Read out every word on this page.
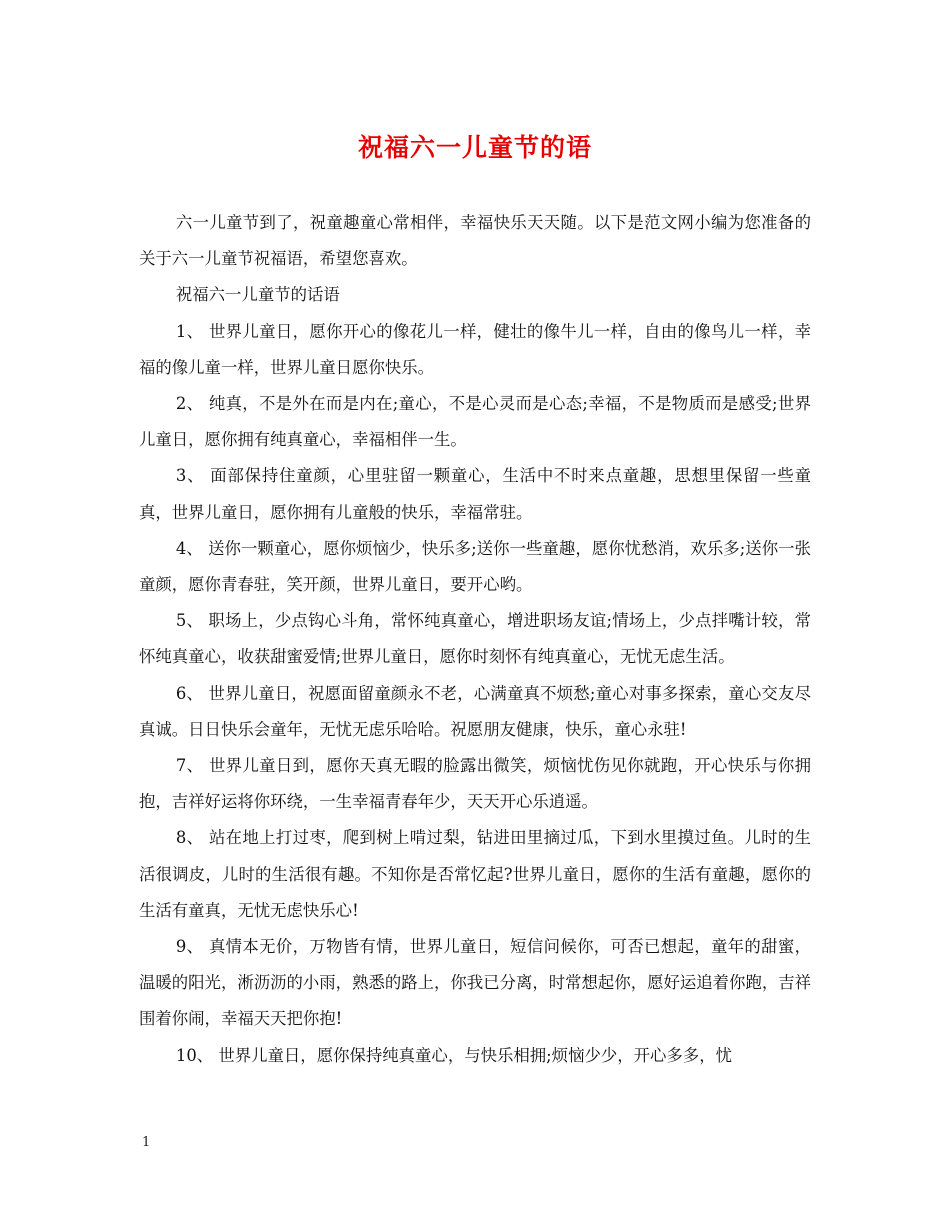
祝福六一儿童节的语

六一儿童节到了，祝童趣童心常相伴，幸福快乐天天随。以下是范文网小编为您准备的关于六一儿童节祝福语，希望您喜欢。

祝福六一儿童节的话语

1、 世界儿童日，愿你开心的像花儿一样，健壮的像牛儿一样，自由的像鸟儿一样，幸福的像儿童一样，世界儿童日愿你快乐。

2、 纯真，不是外在而是内在;童心，不是心灵而是心态;幸福，不是物质而是感受;世界儿童日，愿你拥有纯真童心，幸福相伴一生。

3、 面部保持住童颜，心里驻留一颗童心，生活中不时来点童趣，思想里保留一些童真，世界儿童日，愿你拥有儿童般的快乐，幸福常驻。

4、 送你一颗童心，愿你烦恼少，快乐多;送你一些童趣，愿你忧愁消，欢乐多;送你一张童颜，愿你青春驻，笑开颜，世界儿童日，要开心哟。

5、 职场上，少点钩心斗角，常怀纯真童心，增进职场友谊;情场上，少点拌嘴计较，常怀纯真童心，收获甜蜜爱情;世界儿童日，愿你时刻怀有纯真童心，无忧无虑生活。

6、 世界儿童日，祝愿面留童颜永不老，心满童真不烦愁;童心对事多探索，童心交友尽真诚。日日快乐会童年，无忧无虑乐哈哈。祝愿朋友健康，快乐，童心永驻!

7、 世界儿童日到，愿你天真无暇的脸露出微笑，烦恼忧伤见你就跑，开心快乐与你拥抱，吉祥好运将你环绕，一生幸福青春年少，天天开心乐逍遥。

8、 站在地上打过枣，爬到树上啃过梨，钻进田里摘过瓜，下到水里摸过鱼。儿时的生活很调皮，儿时的生活很有趣。不知你是否常忆起?世界儿童日，愿你的生活有童趣，愿你的生活有童真，无忧无虑快乐心!

9、 真情本无价，万物皆有情，世界儿童日，短信问候你，可否已想起，童年的甜蜜，温暖的阳光，淅沥沥的小雨，熟悉的路上，你我已分离，时常想起你，愿好运追着你跑，吉祥围着你闹，幸福天天把你抱!

10、 世界儿童日，愿你保持纯真童心，与快乐相拥;烦恼少少，开心多多，忧

1
